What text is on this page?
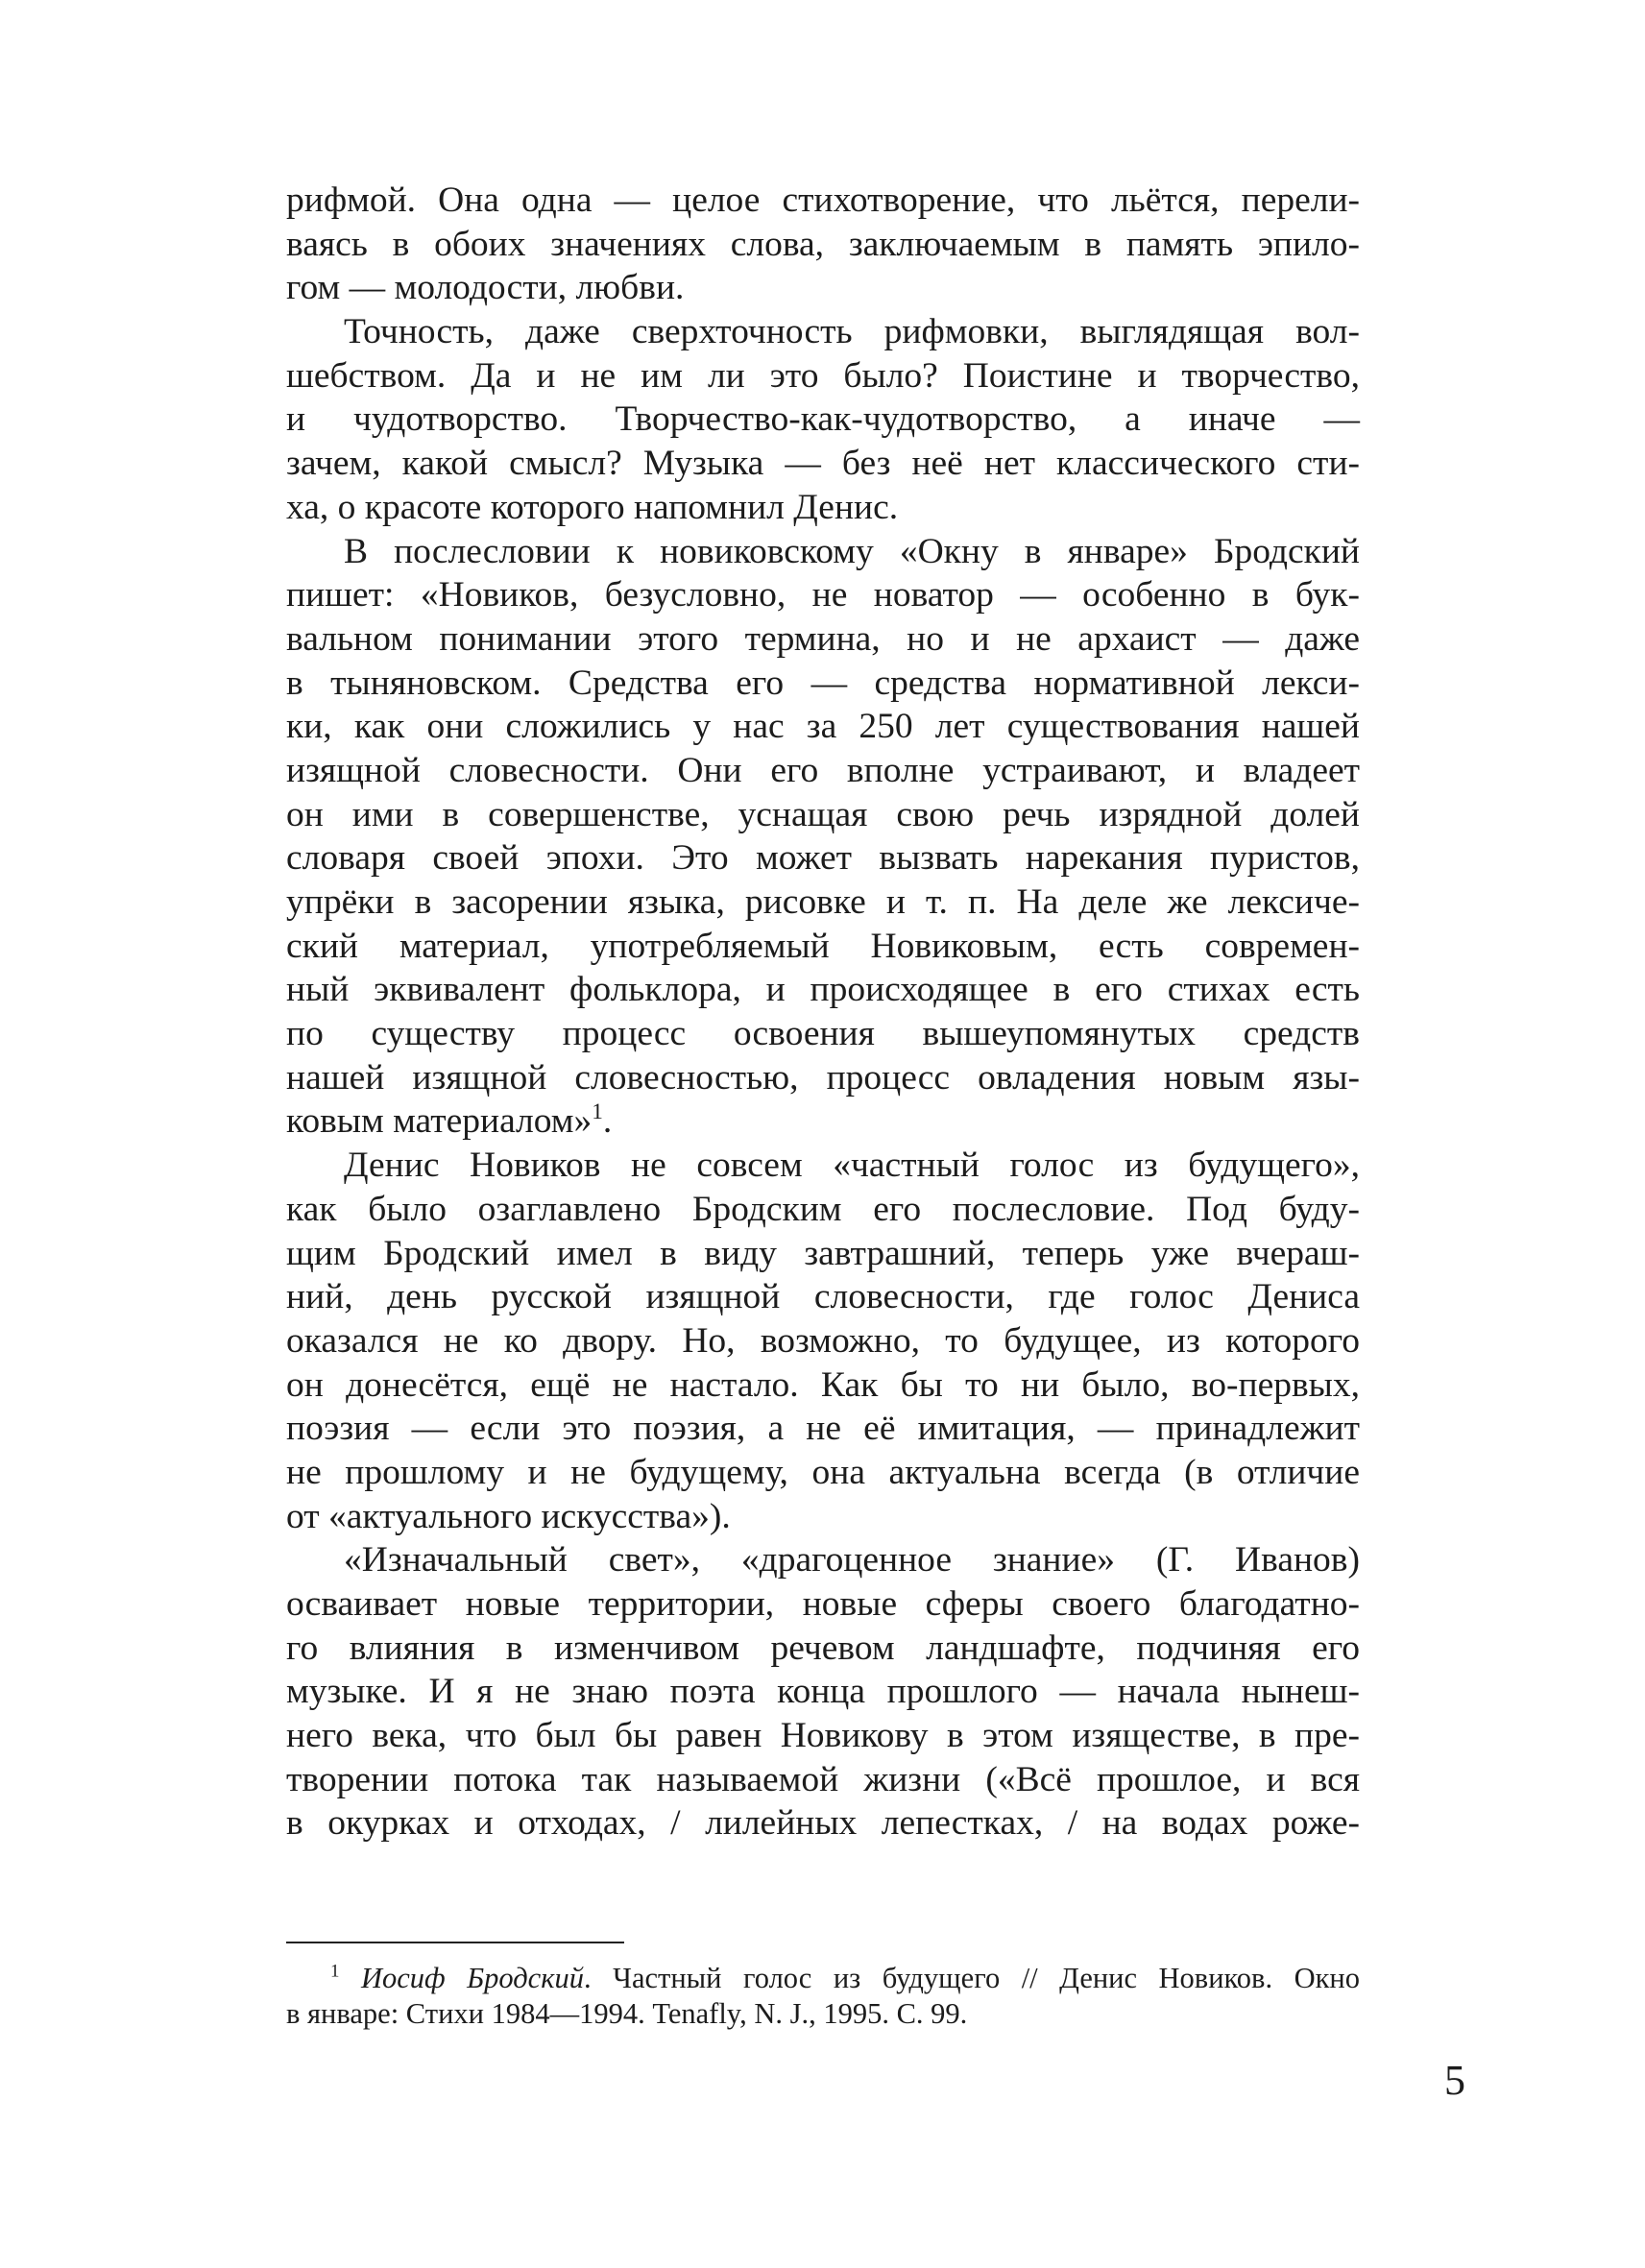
рифмой. Она одна — целое стихотворение, что льётся, перели-
ваясь в обоих значениях слова, заключаемым в память эпило-
гом — молодости, любви.
Точность, даже сверхточность рифмовки, выглядящая вол-
шебством. Да и не им ли это было? Поистине и творчество,
и чудотворство. Творчество-как-чудотворство, а иначе —
зачем, какой смысл? Музыка — без неё нет классического сти-
ха, о красоте которого напомнил Денис.
В послесловии к новиковскому «Окну в январе» Бродский
пишет: «Новиков, безусловно, не новатор — особенно в бук-
вальном понимании этого термина, но и не архаист — даже
в тыняновском. Средства его — средства нормативной лекси-
ки, как они сложились у нас за 250 лет существования нашей
изящной словесности. Они его вполне устраивают, и владеет
он ими в совершенстве, уснащая свою речь изрядной долей
словаря своей эпохи. Это может вызвать нарекания пуристов,
упрёки в засорении языка, рисовке и т. п. На деле же лексиче-
ский материал, употребляемый Новиковым, есть современ-
ный эквивалент фольклора, и происходящее в его стихах есть
по существу процесс освоения вышеупомянутых средств
нашей изящной словесностью, процесс овладения новым язы-
ковым материалом»$^1$.
Денис Новиков не совсем «частный голос из будущего»,
как было озаглавлено Бродским его послесловие. Под буду-
щим Бродский имел в виду завтрашний, теперь уже вчераш-
ний, день русской изящной словесности, где голос Дениса
оказался не ко двору. Но, возможно, то будущее, из которого
он донесётся, ещё не настало. Как бы то ни было, во-первых,
поэзия — если это поэзия, а не её имитация, — принадлежит
не прошлому и не будущему, она актуальна всегда (в отличие
от «актуального искусства»).
«Изначальный свет», «драгоценное знание» (Г. Иванов)
осваивает новые территории, новые сферы своего благодатно-
го влияния в изменчивом речевом ландшафте, подчиняя его
музыке. И я не знаю поэта конца прошлого — начала нынеш-
него века, что был бы равен Новикову в этом изяществе, в пре-
творении потока так называемой жизни («Всё прошлое, и вся
в окурках и отходах, / лилейных лепестках, / на водах роже-
$^1$ Иосиф Бродский. Частный голос из будущего // Денис Новиков. Окно
в январе: Стихи 1984—1994. Tenafly, N. J., 1995. С. 99.
5
